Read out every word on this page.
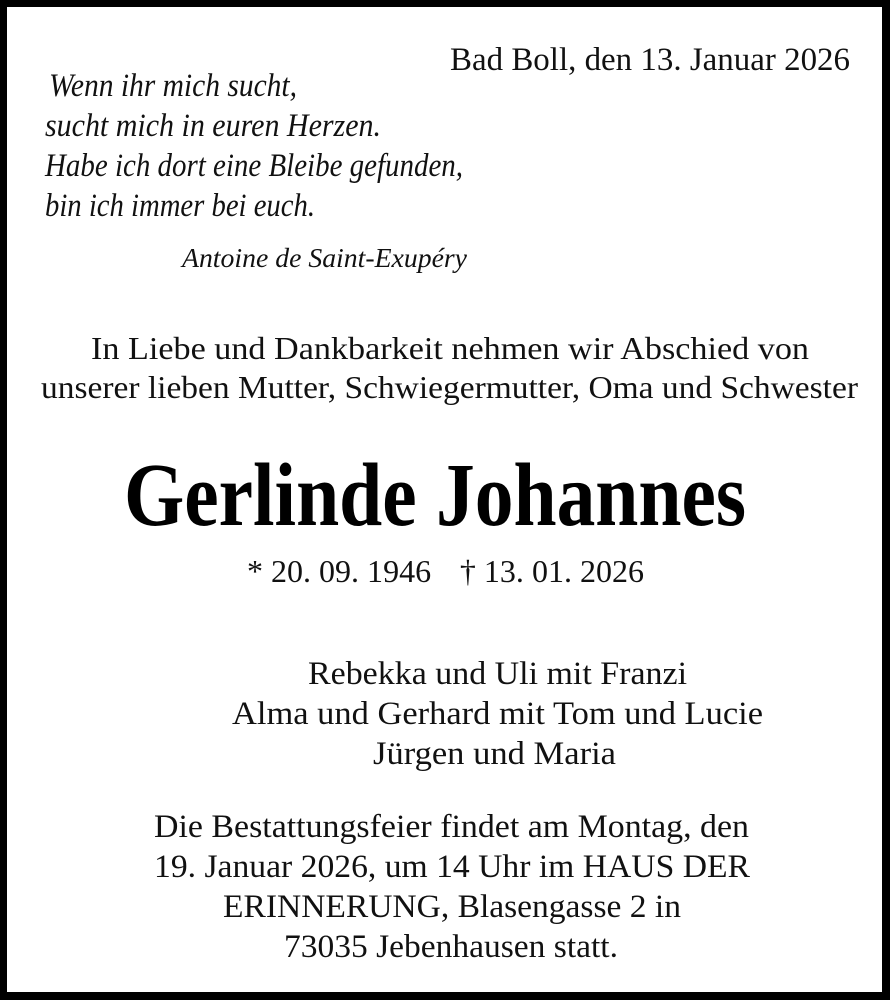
Bad Boll, den 13. Januar 2026
Wenn ihr mich sucht,
sucht mich in euren Herzen.
Habe ich dort eine Bleibe gefunden,
bin ich immer bei euch.
Antoine de Saint-Exupéry
In Liebe und Dankbarkeit nehmen wir Abschied von
unserer lieben Mutter, Schwiegermutter, Oma und Schwester
Gerlinde Johannes
* 20. 09. 1946 † 13. 01. 2026
Rebekka und Uli mit Franzi
Alma und Gerhard mit Tom und Lucie
Jürgen und Maria
Die Bestattungsfeier findet am Montag, den
19. Januar 2026, um 14 Uhr im HAUS DER
ERINNERUNG, Blasengasse 2 in
73035 Jebenhausen statt.
